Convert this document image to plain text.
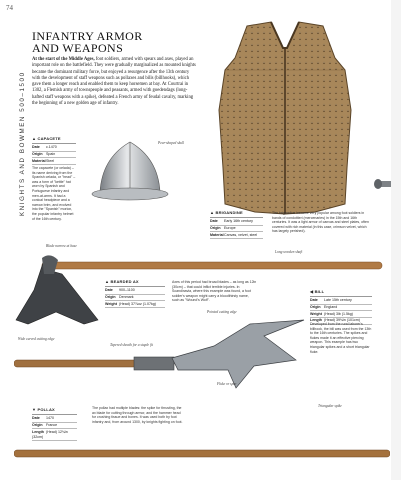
74
KNIGHTS AND BOWMEN 500–1500
INFANTRY ARMOR
AND WEAPONS
At the start of the Middle Ages, foot soldiers, armed with spears and axes, played an important role on the battlefield. They were gradually marginalized as mounted knights became the dominant military force, but enjoyed a resurgence after the 13th century with the development of staff weapons such as pollaxes and bills (billhooks), which gave them a longer reach and enabled them to keep horsemen at bay. At Courtrai in 1302, a Flemish army of townspeople and peasants, armed with goedendags (long-hafted staff weapons with a spike), defeated a French army of feudal cavalry, marking the beginning of a new golden age of infantry.
▲ CAPACETE
Date c.1470
Origin Spain
MaterialSteel
The capacete (or celada) – its name deriving from the Spanish celada, or "head" – was a form of "kettle" hat worn by Spanish and Portuguese infantry and men-at-arms. It had a conical headpiece and a narrow brim, and evolved into the "Spanish" morion, the popular infantry helmet of the 16th century.
Pear-shaped skull
▲ BRIGANDINE
Date Early 16th century
Origin Europe
MaterialCanvas, velvet, steel
The brigandine became very popular among foot soldiers in bands of condottieri (mercenaries) in the 15th and 16th centuries. It was a light armor of canvas and steel plates, often covered with rich material (in this case, crimson velvet, which has largely perished).
Blade narrow at base
Wide curved cutting edge
Long wooden shaft
▲ BEARDED AX
Date 900–1100
Origin Denmark
Weight (Head) 37⅞oz (1.07kg)
Axes of this period had broad blades – as long as 12in (30cm) – that could inflict terrible injuries. In Scandinavia, where this example was found, a foot soldier's weapon might carry a bloodthirsty name, such as "Wound's Wolf".
◀ BILL
Date Late 15th century
Origin England
Weight (Head) 3lb (1.5kg)
Length (Head) 39¾in (101cm)
Developed from the rural laborer's billhook, the bill was used from the 13th to the 16th centuries. The spikes and flukes made it an effective piercing weapon. This example has two triangular spikes and a short triangular fluke.
Pointed cutting edge
Tapered sheath for a staple fit
Fluke or spur
Triangular spike
▼ POLLAX
Date 1470
Origin France
Length (Head) 12¾in (32cm)
The pollax had multiple blades: the spike for thrusting, the ax blade for cutting through armor, and the hammer head for crushing tissue and bones. It was used both by foot infantry and, from around 1300, by knights fighting on foot.
